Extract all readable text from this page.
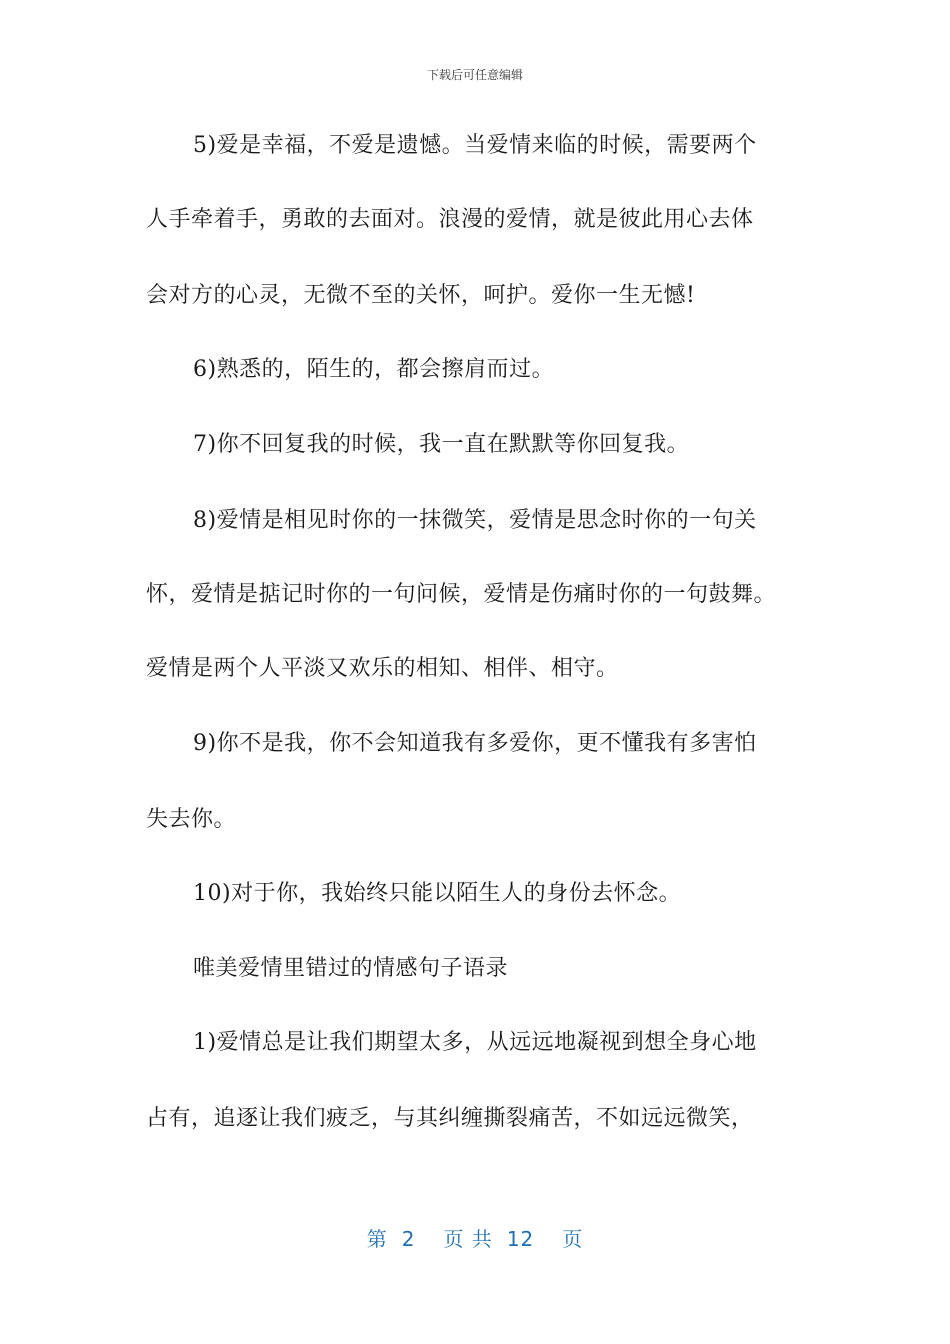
下载后可任意编辑
5)爱是幸福，不爱是遗憾。当爱情来临的时候，需要两个
人手牵着手，勇敢的去面对。浪漫的爱情，就是彼此用心去体
会对方的心灵，无微不至的关怀，呵护。爱你一生无憾!
6)熟悉的，陌生的，都会擦肩而过。
7)你不回复我的时候，我一直在默默等你回复我。
8)爱情是相见时你的一抹微笑，爱情是思念时你的一句关
怀，爱情是掂记时你的一句问候，爱情是伤痛时你的一句鼓舞。
爱情是两个人平淡又欢乐的相知、相伴、相守。
9)你不是我，你不会知道我有多爱你，更不懂我有多害怕
失去你。
10)对于你，我始终只能以陌生人的身份去怀念。
唯美爱情里错过的情感句子语录
1)爱情总是让我们期望太多，从远远地凝视到想全身心地
占有，追逐让我们疲乏，与其纠缠撕裂痛苦，不如远远微笑，
第 2 页 共 12 页
